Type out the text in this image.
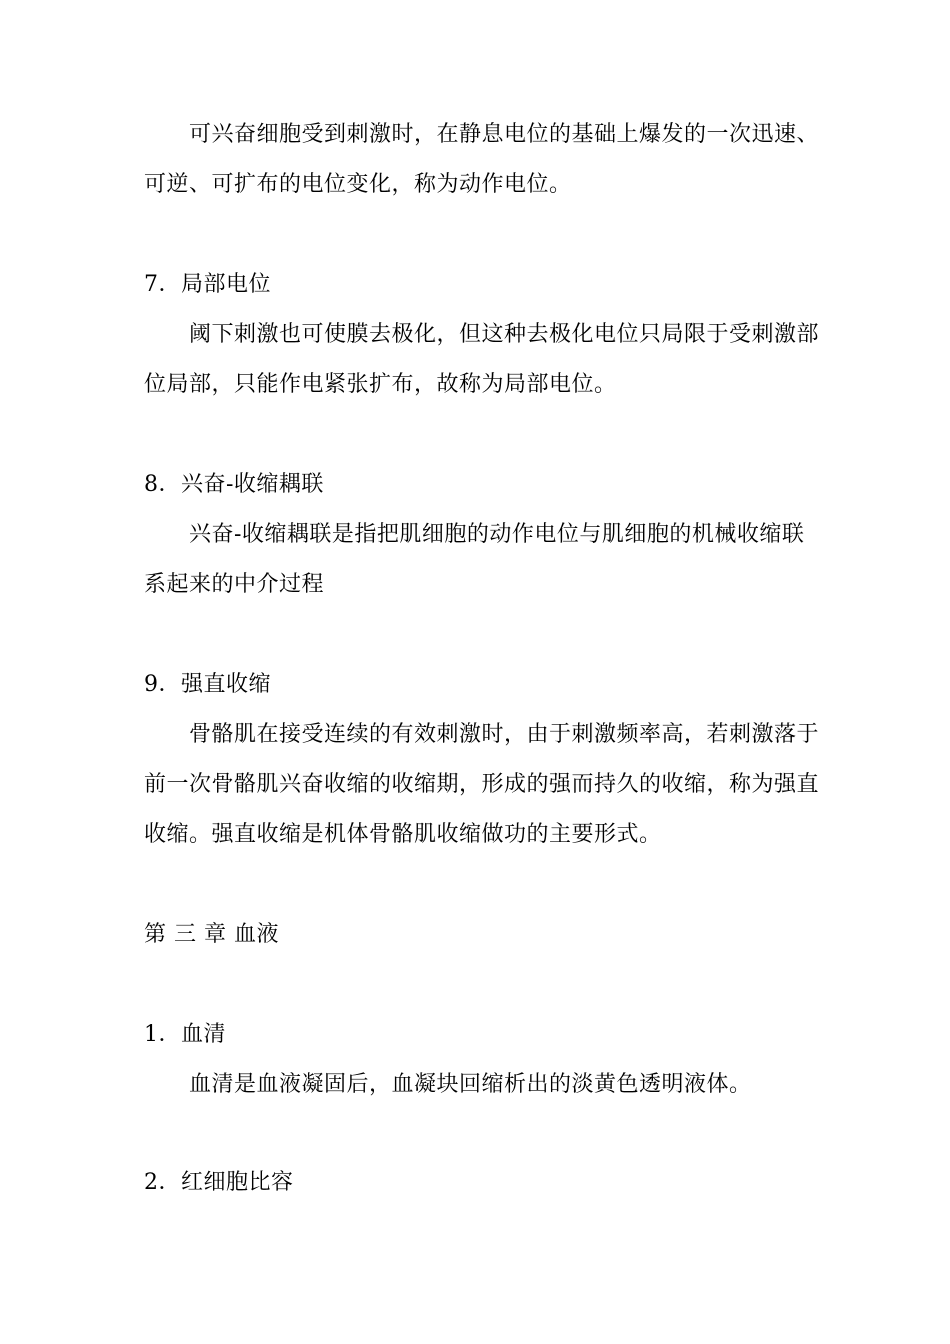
可兴奋细胞受到刺激时，在静息电位的基础上爆发的一次迅速、
可逆、可扩布的电位变化，称为动作电位。
7．局部电位
阈下刺激也可使膜去极化，但这种去极化电位只局限于受刺激部
位局部，只能作电紧张扩布，故称为局部电位。
8．兴奋-收缩耦联
兴奋-收缩耦联是指把肌细胞的动作电位与肌细胞的机械收缩联
系起来的中介过程
9．强直收缩
骨骼肌在接受连续的有效刺激时，由于刺激频率高，若刺激落于
前一次骨骼肌兴奋收缩的收缩期，形成的强而持久的收缩，称为强直
收缩。强直收缩是机体骨骼肌收缩做功的主要形式。
第 三 章 血液
1．血清
血清是血液凝固后，血凝块回缩析出的淡黄色透明液体。
2．红细胞比容
